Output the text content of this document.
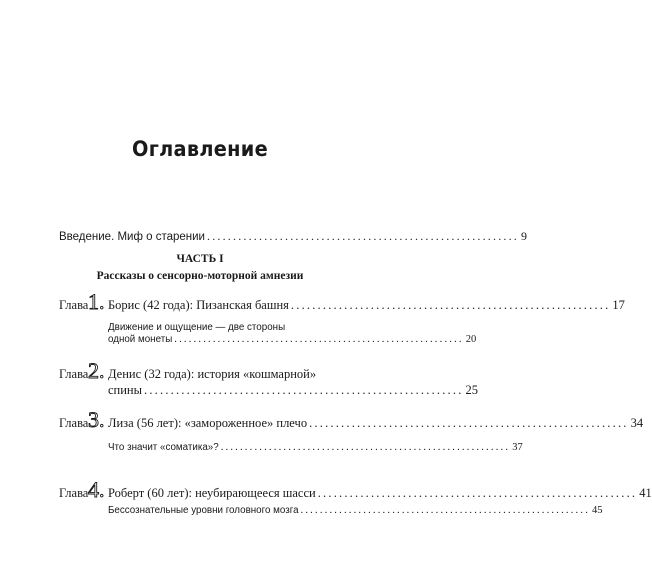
Оглавление
Введение. Миф о старении ............................................................ 9
ЧАСТЬ I
Рассказы о сенсорно-моторной амнезии
Глава 1. Борис (42 года): Пизанская башня ............................................................ 17
Движение и ощущение — две стороны
одной монеты ............................................................ 20
Глава 2. Денис (32 года): история «кошмарной»
спины ............................................................ 25
Глава 3. Лиза (56 лет): «замороженное» плечо ............................................................ 34
Что значит «соматика»? ............................................................ 37
Глава 4. Роберт (60 лет): неубирающееся шасси ............................................................ 41
Бессознательные уровни головного мозга ............................................................ 45
